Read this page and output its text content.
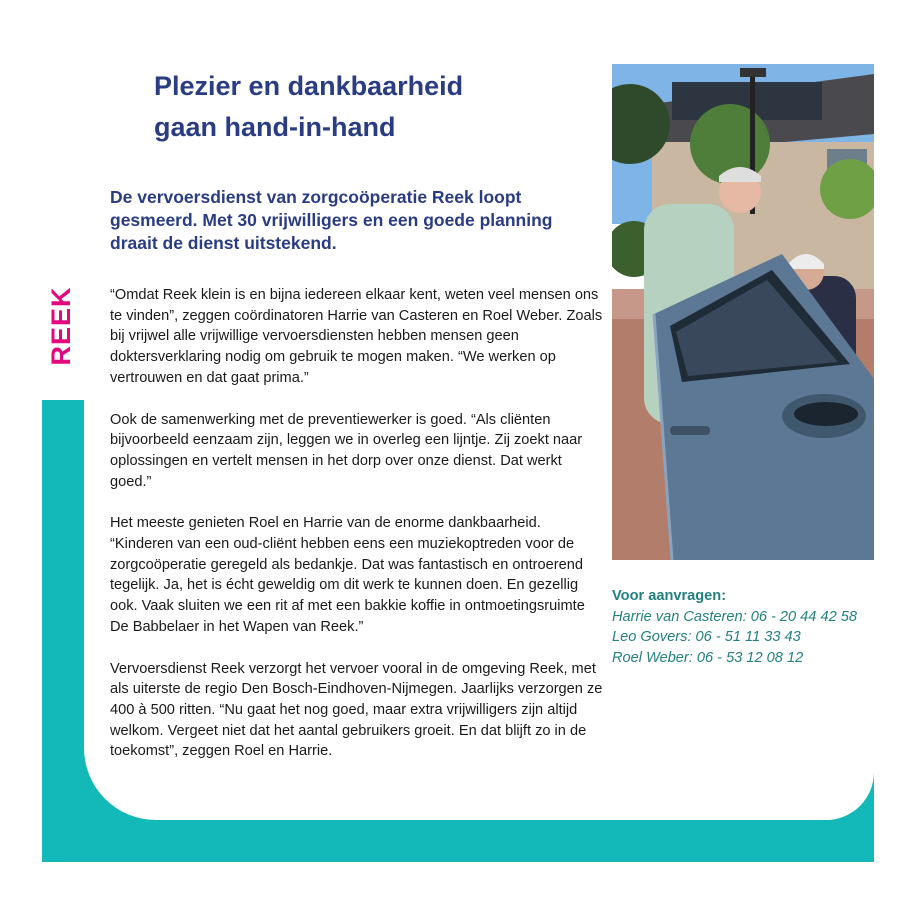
REEK
Plezier en dankbaarheid
gaan hand-in-hand

De vervoersdienst van zorgcoöperatie Reek loopt gesmeerd. Met 30 vrijwilligers en een goede planning draait de dienst uitstekend.

“Omdat Reek klein is en bijna iedereen elkaar kent, weten veel mensen ons te vinden”, zeggen coördinatoren Harrie van Casteren en Roel Weber. Zoals bij vrijwel alle vrijwillige vervoersdiensten hebben mensen geen doktersverklaring nodig om gebruik te mogen maken. “We werken op vertrouwen en dat gaat prima.”

Ook de samenwerking met de preventiewerker is goed. “Als cliënten bijvoorbeeld eenzaam zijn, leggen we in overleg een lijntje. Zij zoekt naar oplossingen en vertelt mensen in het dorp over onze dienst. Dat werkt goed.”

Het meeste genieten Roel en Harrie van de enorme dankbaarheid. “Kinderen van een oud-cliënt hebben eens een muziekoptreden voor de zorgcoöperatie geregeld als bedankje. Dat was fantastisch en ontroerend tegelijk. Ja, het is écht geweldig om dit werk te kunnen doen. En gezellig ook. Vaak sluiten we een rit af met een bakkie koffie in ontmoetingsruimte De Babbelaer in het Wapen van Reek.”

Vervoersdienst Reek verzorgt het vervoer vooral in de omgeving Reek, met als uiterste de regio Den Bosch-Eindhoven-Nijmegen. Jaarlijks verzorgen ze 400 à 500 ritten. “Nu gaat het nog goed, maar extra vrijwilligers zijn altijd welkom. Vergeet niet dat het aantal gebruikers groeit. En dat blijft zo in de toekomst”, zeggen Roel en Harrie.

Voor aanvragen:
Harrie van Casteren: 06 - 20 44 42 58
Leo Govers: 06 - 51 11 33 43
Roel Weber: 06 - 53 12 08 12
